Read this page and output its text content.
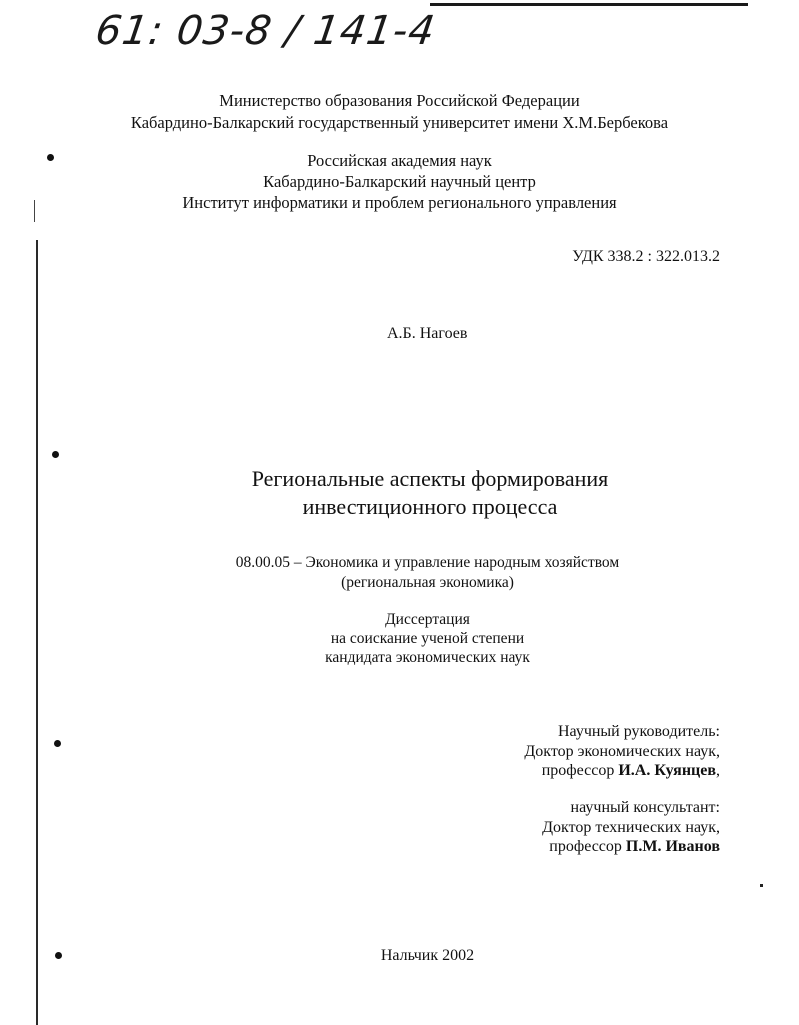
61: 03-8 / 141-4
Министерство образования Российской Федерации
Кабардино-Балкарский государственный университет имени Х.М.Бербекова
Российская академия наук
Кабардино-Балкарский научный центр
Институт информатики и проблем регионального управления
УДК 338.2 : 322.013.2
А.Б. Нагоев
Региональные аспекты формирования
инвестиционного процесса
08.00.05 – Экономика и управление народным хозяйством
(региональная экономика)
Диссертация
на соискание ученой степени
кандидата экономических наук
Научный руководитель:
Доктор экономических наук,
профессор И.А. Куянцев,
научный консультант:
Доктор технических наук,
профессор П.М. Иванов
Нальчик 2002
